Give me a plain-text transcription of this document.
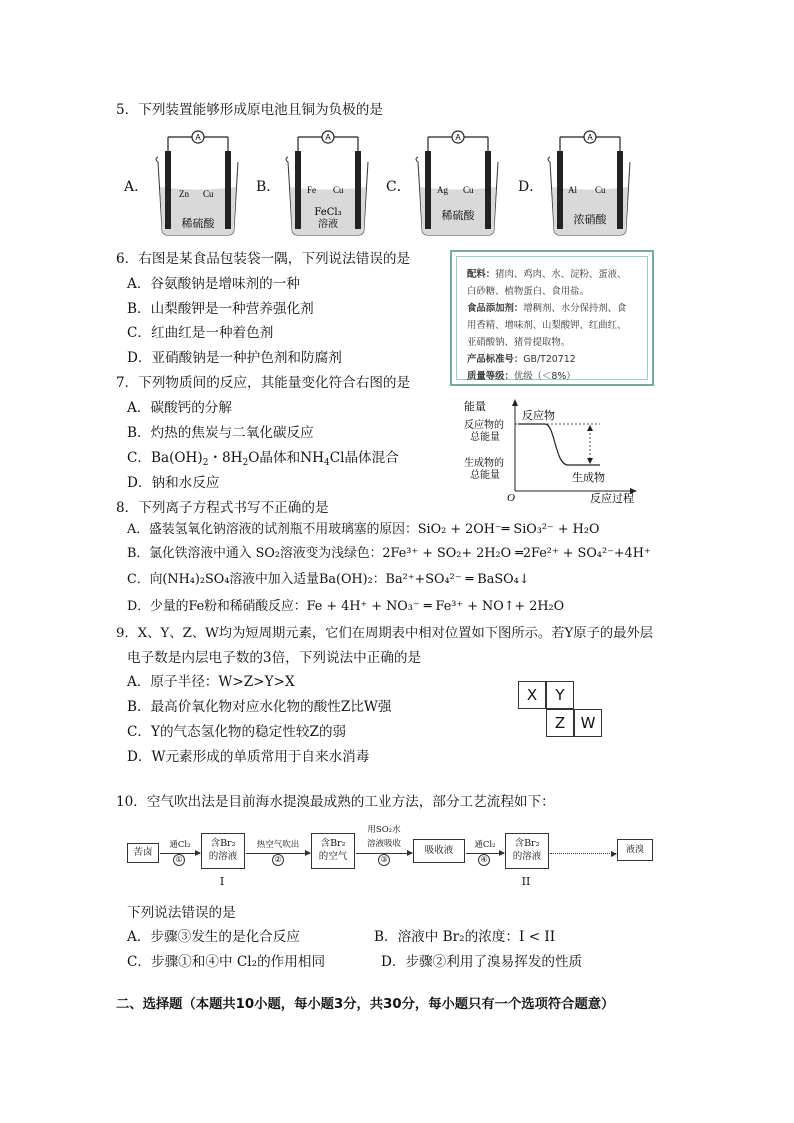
5．下列装置能够形成原电池且铜为负极的是
A．	B．	C．	D．
A
Zn Cu
稀硫酸
A
Fe Cu
FeCl₃
溶液
A
Ag Cu
稀硫酸
A
Al Cu
浓硝酸
6．右图是某食品包装袋一隅，下列说法错误的是
A．谷氨酸钠是增味剂的一种
B．山梨酸钾是一种营养强化剂
C．红曲红是一种着色剂
D．亚硝酸钠是一种护色剂和防腐剂
配料：猪肉、鸡肉、水、淀粉、蛋液、
白砂糖、植物蛋白、食用盐。
食品添加剂：增稠剂、水分保持剂、食
用香精、增味剂、山梨酸钾、红曲红、
亚硝酸钠、猪骨提取物。
产品标准号：GB/T20712
质量等级：优级（＜8%）
7．下列物质间的反应，其能量变化符合右图的是
A．碳酸钙的分解
B．灼热的焦炭与二氧化碳反应
C．$Ba(OH)_2$・$8H_2O$晶体和$NH_4Cl$晶体混合
D．钠和水反应
能量
O	反应过程
反应物
生成物
反应物的
总能量
生成物的
总能量
8．下列离子方程式书写不正确的是
A．盛装氢氧化钠溶液的试剂瓶不用玻璃塞的原因：SiO₂ + 2OH⁻═ SiO₃²⁻ + H₂O
B．氯化铁溶液中通入 SO₂溶液变为浅绿色：2Fe³⁺ + SO₂+ 2H₂O ═2Fe²⁺ + SO₄²⁻+4H⁺
C．向(NH₄)₂SO₄溶液中加入适量Ba(OH)₂：Ba²⁺+SO₄²⁻ ═ BaSO₄↓
D．少量的Fe粉和稀硝酸反应：Fe + 4H⁺ + NO₃⁻ ═ Fe³⁺ + NO↑+ 2H₂O
9．X、Y、Z、W均为短周期元素，它们在周期表中相对位置如下图所示。若Y原子的最外层
电子数是内层电子数的3倍，下列说法中正确的是
A．原子半径：W>Z>Y>X
B．最高价氧化物对应水化物的酸性Z比W强
C．Y的气态氢化物的稳定性较Z的弱
D．W元素形成的单质常用于自来水消毒
X	Y
Z	W
10．空气吹出法是目前海水提溴最成熟的工业方法，部分工艺流程如下：
苦卤
通Cl₂
①
含Br₂
的溶液
I
热空气吹出
②
含Br₂
的空气
用SO₂水
溶液吸收
③
吸收液	通Cl₂
④
含Br₂
的溶液
II
液溴
下列说法错误的是
A．步骤③发生的是化合反应	B．溶液中 Br₂的浓度：I < II
C．步骤①和④中 Cl₂的作用相同	D．步骤②利用了溴易挥发的性质
二、选择题（本题共10小题，每小题3分，共30分，每小题只有一个选项符合题意）
